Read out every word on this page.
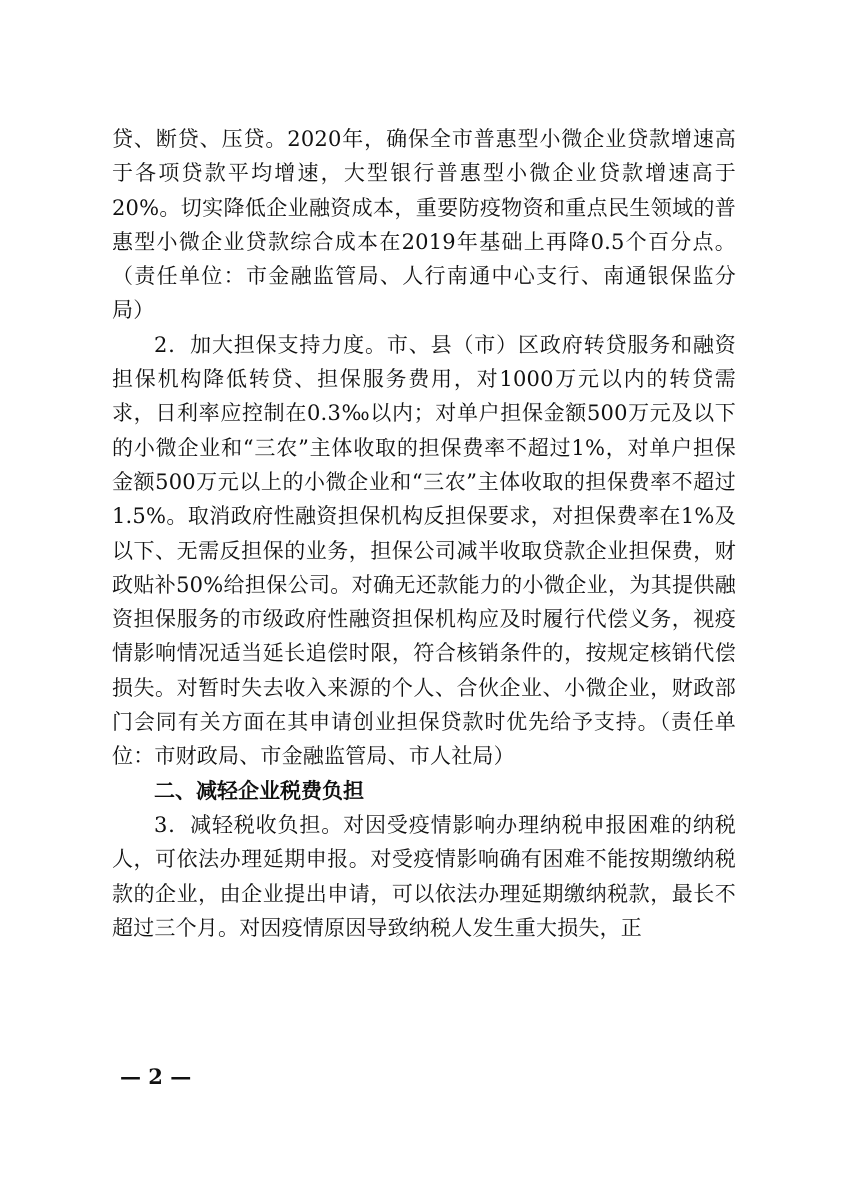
贷、断贷、压贷。2020年，确保全市普惠型小微企业贷款增速高于各项贷款平均增速，大型银行普惠型小微企业贷款增速高于20%。切实降低企业融资成本，重要防疫物资和重点民生领域的普惠型小微企业贷款综合成本在2019年基础上再降0.5个百分点。（责任单位：市金融监管局、人行南通中心支行、南通银保监分局）

2．加大担保支持力度。市、县（市）区政府转贷服务和融资担保机构降低转贷、担保服务费用，对1000万元以内的转贷需求，日利率应控制在0.3‰以内；对单户担保金额500万元及以下的小微企业和“三农”主体收取的担保费率不超过1%，对单户担保金额500万元以上的小微企业和“三农”主体收取的担保费率不超过1.5%。取消政府性融资担保机构反担保要求，对担保费率在1%及以下、无需反担保的业务，担保公司减半收取贷款企业担保费，财政贴补50%给担保公司。对确无还款能力的小微企业，为其提供融资担保服务的市级政府性融资担保机构应及时履行代偿义务，视疫情影响情况适当延长追偿时限，符合核销条件的，按规定核销代偿损失。对暂时失去收入来源的个人、合伙企业、小微企业，财政部门会同有关方面在其申请创业担保贷款时优先给予支持。（责任单位：市财政局、市金融监管局、市人社局）

二、减轻企业税费负担

3．减轻税收负担。对因受疫情影响办理纳税申报困难的纳税人，可依法办理延期申报。对受疫情影响确有困难不能按期缴纳税款的企业，由企业提出申请，可以依法办理延期缴纳税款，最长不超过三个月。对因疫情原因导致纳税人发生重大损失，正

— 2 —
